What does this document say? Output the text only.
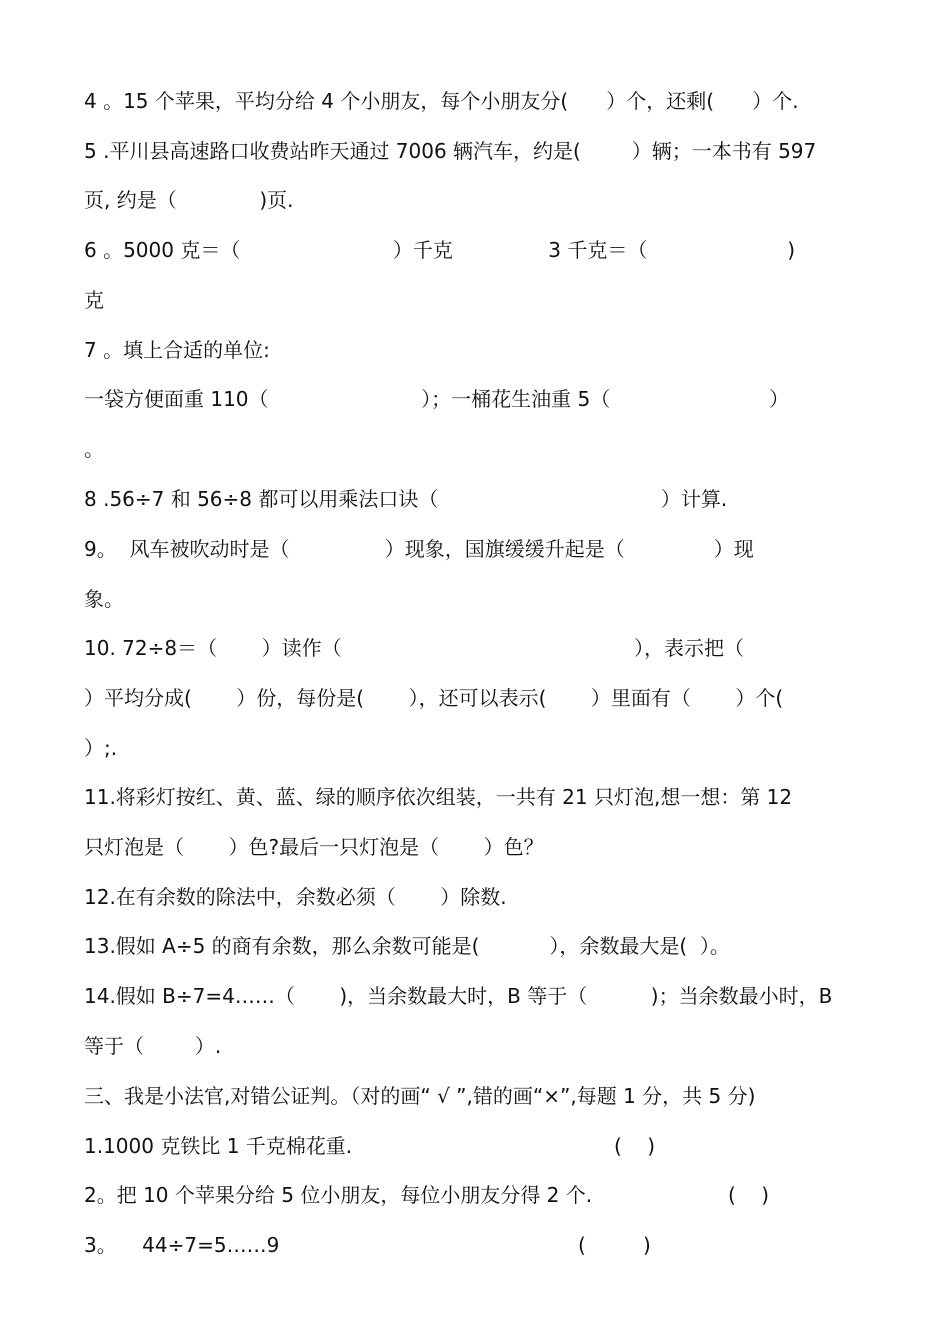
4 。15 个苹果，平均分给 4 个小朋友，每个小朋友分(      ）个，还剩(      ）个.
5 .平川县高速路口收费站昨天通过 7006 辆汽车，约是(        ）辆；一本书有 597
页, 约是（             )页.
6 。5000 克＝（                        ）千克               3 千克＝（                      )
克
7 。填上合适的单位:
一袋方便面重 110（                        ）；一桶花生油重 5（                         ）
。
8 .56÷7 和 56÷8 都可以用乘法口诀（                                   ）计算.
9。  风车被吹动时是（               ）现象，国旗缓缓升起是（              ）现
象。
10. 72÷8＝（       ）读作（                                              ），表示把（
）平均分成(       ）份，每份是(       ），还可以表示(       ）里面有（       ）个(
）;.
11.将彩灯按红、黄、蓝、绿的顺序依次组装，一共有 21 只灯泡,想一想：第 12
只灯泡是（       ）色?最后一只灯泡是（       ）色？
12.在有余数的除法中，余数必须（       ）除数.
13.假如 A÷5 的商有余数，那么余数可能是(           ），余数最大是(  ）。
14.假如 B÷7=4……（       )，当余数最大时，B 等于（          )；当余数最小时，B
等于（        ）.
三、我是小法官,对错公证判。（对的画“ √ ”,错的画“×”,每题 1 分，共 5 分)
1.1000 克铁比 1 千克棉花重.	(    )
2。把 10 个苹果分给 5 位小朋友，每位小朋友分得 2 个.	(    )
3。    44÷7=5……9	(         )
